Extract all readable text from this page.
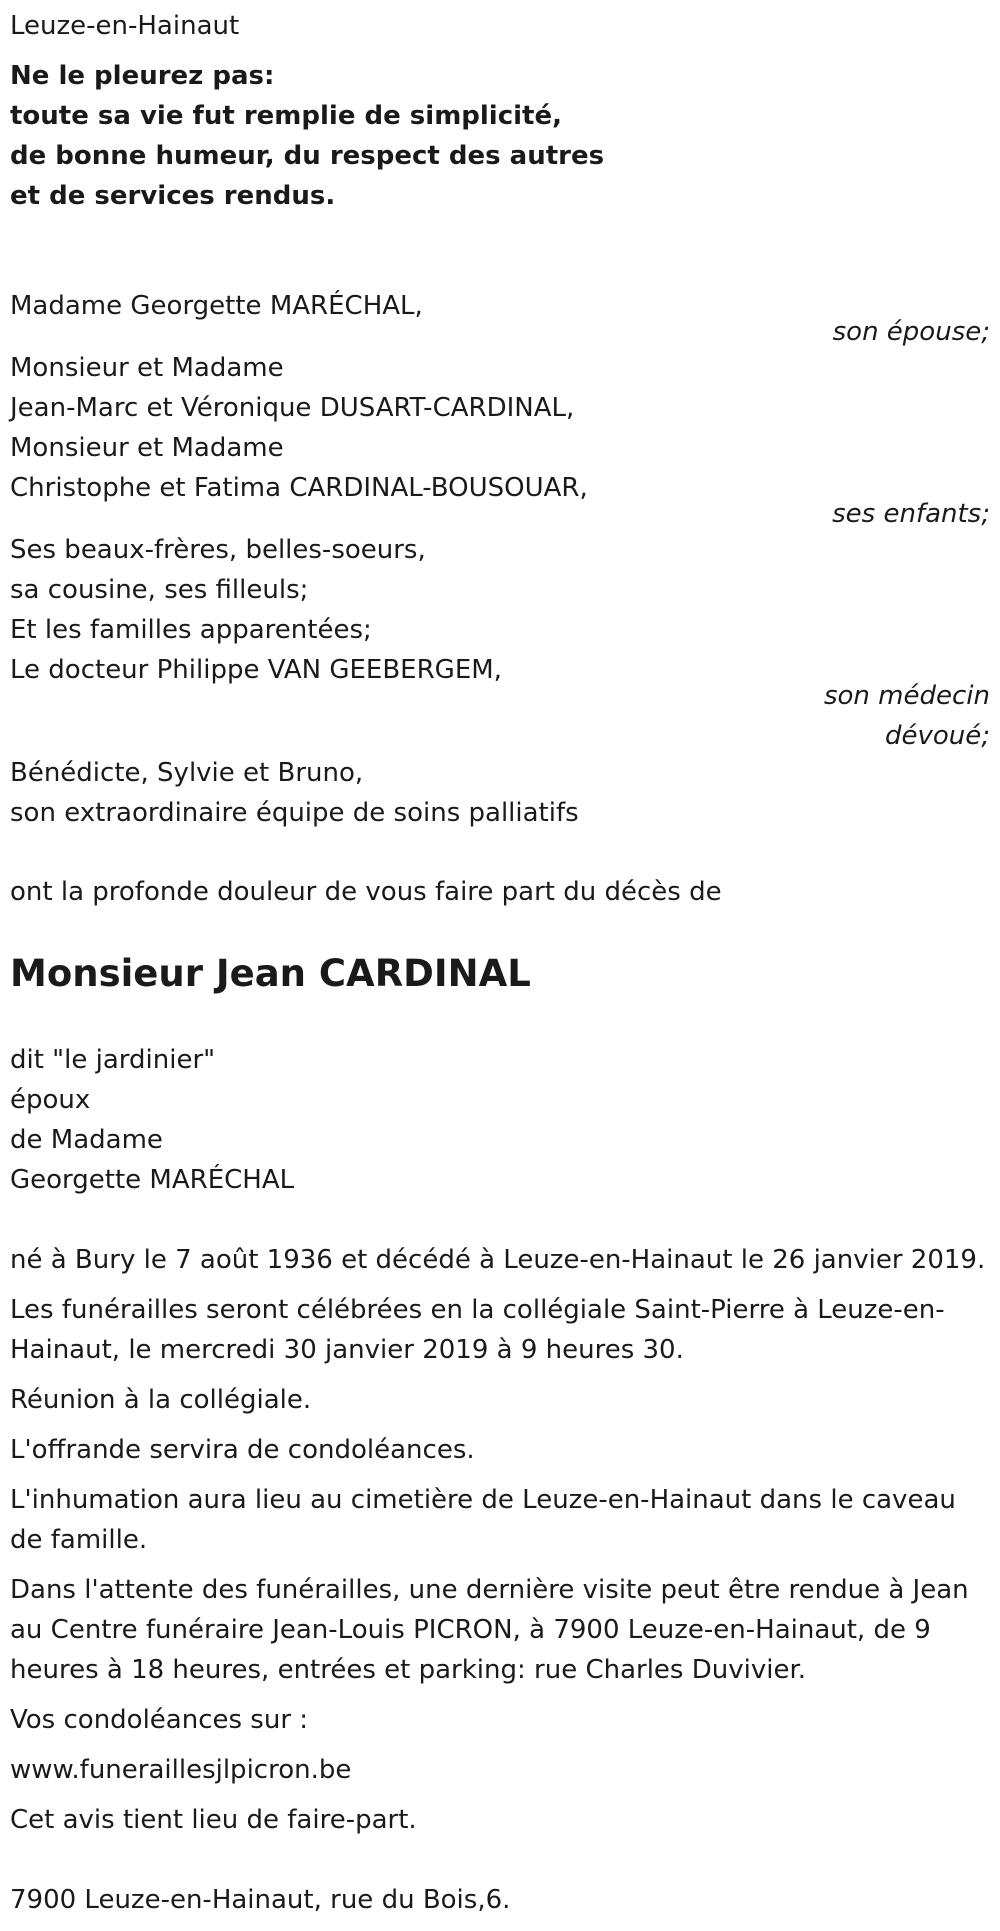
Leuze-en-Hainaut

Ne le pleurez pas:

toute sa vie fut remplie de simplicité,

de bonne humeur, du respect des autres

et de services rendus.

Madame Georgette MARÉCHAL,

son épouse;

Monsieur et Madame

Jean-Marc et Véronique DUSART-CARDINAL,

Monsieur et Madame

Christophe et Fatima CARDINAL-BOUSOUAR,

ses enfants;

Ses beaux-frères, belles-soeurs,

sa cousine, ses filleuls;

Et les familles apparentées;

Le docteur Philippe VAN GEEBERGEM,

son médecin

dévoué;

Bénédicte, Sylvie et Bruno,

son extraordinaire équipe de soins palliatifs

ont la profonde douleur de vous faire part du décès de

Monsieur Jean CARDINAL

dit "le jardinier"

époux

de Madame

Georgette MARÉCHAL

né à Bury le 7 août 1936 et décédé à Leuze-en-Hainaut le 26 janvier 2019.

Les funérailles seront célébrées en la collégiale Saint-Pierre à Leuze-en-Hainaut, le mercredi 30 janvier 2019 à 9 heures 30.

Réunion à la collégiale.

L'offrande servira de condoléances.

L'inhumation aura lieu au cimetière de Leuze-en-Hainaut dans le caveau de famille.

Dans l'attente des funérailles, une dernière visite peut être rendue à Jean au Centre funéraire Jean-Louis PICRON, à 7900 Leuze-en-Hainaut, de 9 heures à 18 heures, entrées et parking: rue Charles Duvivier.

Vos condoléances sur :

www.funeraillesjlpicron.be

Cet avis tient lieu de faire-part.

7900 Leuze-en-Hainaut, rue du Bois,6.
